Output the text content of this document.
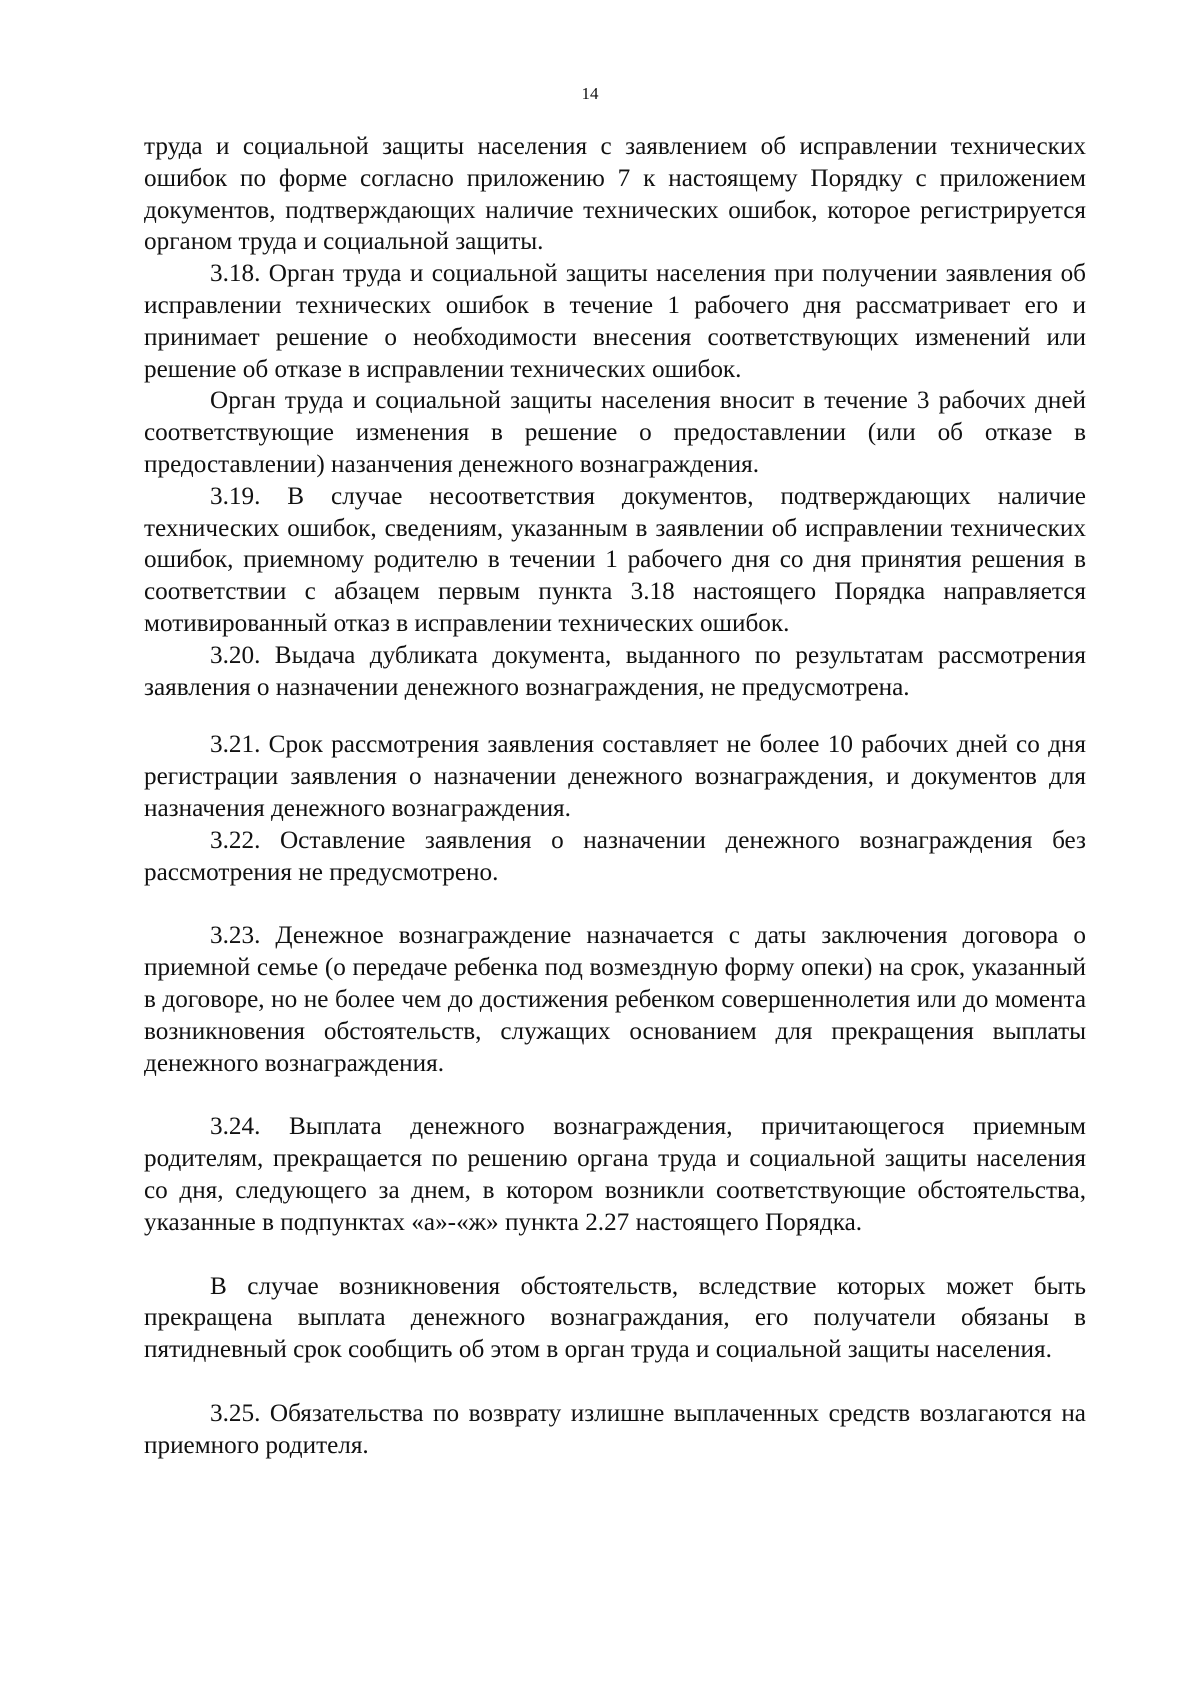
14

труда и социальной защиты населения с заявлением об исправлении технических ошибок по форме согласно приложению 7 к настоящему Порядку с приложением документов, подтверждающих наличие технических ошибок, которое регистрируется органом труда и социальной защиты.

3.18. Орган труда и социальной защиты населения при получении заявления об исправлении технических ошибок в течение 1 рабочего дня рассматривает его и принимает решение о необходимости внесения соответствующих изменений или решение об отказе в исправлении технических ошибок.

Орган труда и социальной защиты населения вносит в течение 3 рабочих дней соответствующие изменения в решение о предоставлении (или об отказе в предоставлении) назанчения денежного вознаграждения.

3.19. В случае несоответствия документов, подтверждающих наличие технических ошибок, сведениям, указанным в заявлении об исправлении технических ошибок, приемному родителю в течении 1 рабочего дня со дня принятия решения в соответствии с абзацем первым пункта 3.18 настоящего Порядка направляется мотивированный отказ в исправлении технических ошибок.

3.20. Выдача дубликата документа, выданного по результатам рассмотрения заявления о назначении денежного вознаграждения, не предусмотрена.

3.21. Срок рассмотрения заявления составляет не более 10 рабочих дней со дня регистрации заявления о назначении денежного вознаграждения, и документов для назначения денежного вознаграждения.

3.22. Оставление заявления о назначении денежного вознаграждения без рассмотрения не предусмотрено.

3.23. Денежное вознаграждение назначается с даты заключения договора о приемной семье (о передаче ребенка под возмездную форму опеки) на срок, указанный в договоре, но не более чем до достижения ребенком совершеннолетия или до момента возникновения обстоятельств, служащих основанием для прекращения выплаты денежного вознаграждения.

3.24. Выплата денежного вознаграждения, причитающегося приемным родителям, прекращается по решению органа труда и социальной защиты населения со дня, следующего за днем, в котором возникли соответствующие обстоятельства, указанные в подпунктах «а»-«ж» пункта 2.27 настоящего Порядка.

В случае возникновения обстоятельств, вследствие которых может быть прекращена выплата денежного вознаграждания, его получатели обязаны в пятидневный срок сообщить об этом в орган труда и социальной защиты населения.

3.25. Обязательства по возврату излишне выплаченных средств возлагаются на приемного родителя.
